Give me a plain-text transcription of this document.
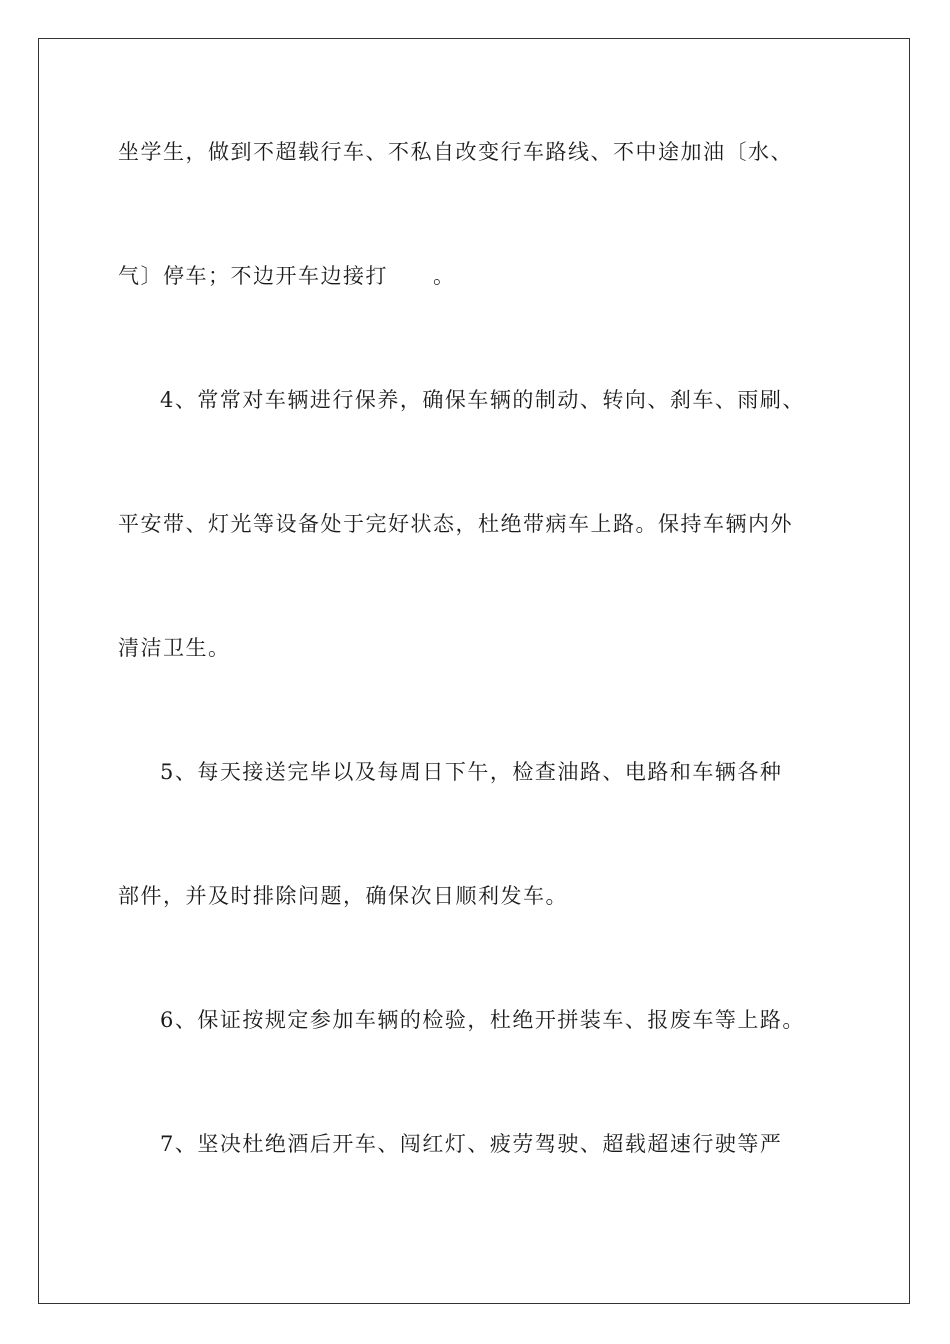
坐学生，做到不超载行车、不私自改变行车路线、不中途加油〔水、
气〕停车；不边开车边接打　　。
4、常常对车辆进行保养，确保车辆的制动、转向、刹车、雨刷、
平安带、灯光等设备处于完好状态，杜绝带病车上路。保持车辆内外
清洁卫生。
5、每天接送完毕以及每周日下午，检查油路、电路和车辆各种
部件，并及时排除问题，确保次日顺利发车。
6、保证按规定参加车辆的检验，杜绝开拼装车、报废车等上路。
7、坚决杜绝酒后开车、闯红灯、疲劳驾驶、超载超速行驶等严
